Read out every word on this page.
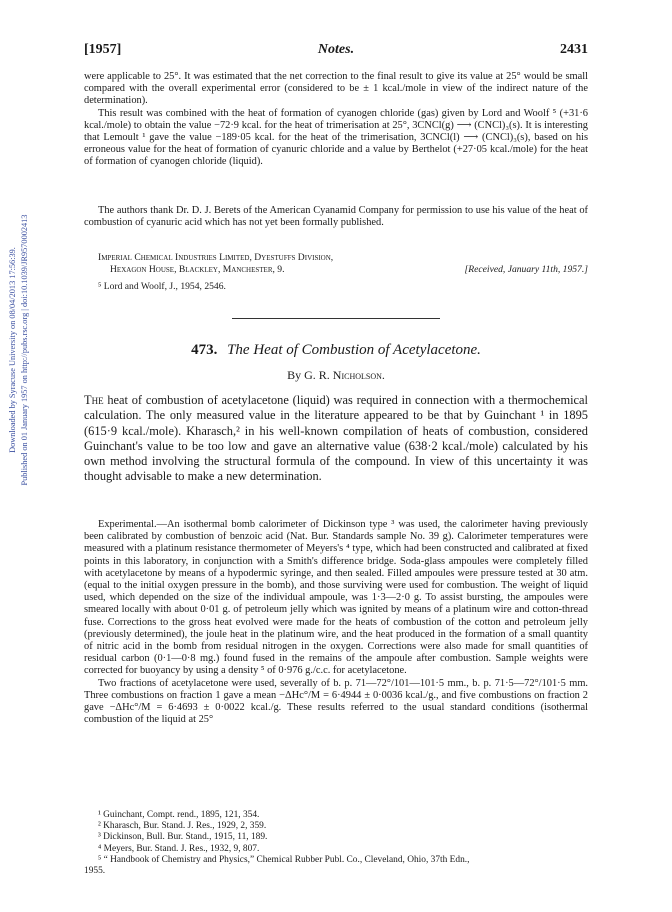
Downloaded by Syracuse University on 08/04/2013 17:56:39. Published on 01 January 1957 on http://pubs.rsc.org | doi:10.1039/JR9570002413
[1957]	Notes.	2431

were applicable to 25°. It was estimated that the net correction to the final result to give its value at 25° would be small compared with the overall experimental error (considered to be ± 1 kcal./mole in view of the indirect nature of the determination).

This result was combined with the heat of formation of cyanogen chloride (gas) given by Lord and Woolf ⁵ (+31·6 kcal./mole) to obtain the value −72·9 kcal. for the heat of trimerisation at 25°, 3CNCl(g) ⟶ (CNCl)₃(s). It is interesting that Lemoult ¹ gave the value −189·05 kcal. for the heat of the trimerisation, 3CNCl(l) ⟶ (CNCl)₃(s), based on his erroneous value for the heat of formation of cyanuric chloride and a value by Berthelot (+27·05 kcal./mole) for the heat of formation of cyanogen chloride (liquid).

The authors thank Dr. D. J. Berets of the American Cyanamid Company for permission to use his value of the heat of combustion of cyanuric acid which has not yet been formally published.

Imperial Chemical Industries Limited, Dyestuffs Division,
Hexagon House, Blackley, Manchester, 9.	[Received, January 11th, 1957.]
⁵ Lord and Woolf, J., 1954, 2546.
473. The Heat of Combustion of Acetylacetone.
By G. R. Nicholson.

The heat of combustion of acetylacetone (liquid) was required in connection with a thermochemical calculation. The only measured value in the literature appeared to be that by Guinchant ¹ in 1895 (615·9 kcal./mole). Kharasch,² in his well-known compilation of heats of combustion, considered Guinchant's value to be too low and gave an alternative value (638·2 kcal./mole) calculated by his own method involving the structural formula of the compound. In view of this uncertainty it was thought advisable to make a new determination.

Experimental.—An isothermal bomb calorimeter of Dickinson type ³ was used, the calorimeter having previously been calibrated by combustion of benzoic acid (Nat. Bur. Standards sample No. 39 g). Calorimeter temperatures were measured with a platinum resistance thermometer of Meyers's ⁴ type, which had been constructed and calibrated at fixed points in this laboratory, in conjunction with a Smith's difference bridge. Soda-glass ampoules were completely filled with acetylacetone by means of a hypodermic syringe, and then sealed. Filled ampoules were pressure tested at 30 atm. (equal to the initial oxygen pressure in the bomb), and those surviving were used for combustion. The weight of liquid used, which depended on the size of the individual ampoule, was 1·3—2·0 g. To assist bursting, the ampoules were smeared locally with about 0·01 g. of petroleum jelly which was ignited by means of a platinum wire and cotton-thread fuse. Corrections to the gross heat evolved were made for the heats of combustion of the cotton and petroleum jelly (previously determined), the joule heat in the platinum wire, and the heat produced in the formation of a small quantity of nitric acid in the bomb from residual nitrogen in the oxygen. Corrections were also made for small quantities of residual carbon (0·1—0·8 mg.) found fused in the remains of the ampoule after combustion. Sample weights were corrected for buoyancy by using a density ⁵ of 0·976 g./c.c. for acetylacetone.

Two fractions of acetylacetone were used, severally of b. p. 71—72°/101—101·5 mm., b. p. 71·5—72°/101·5 mm. Three combustions on fraction 1 gave a mean −ΔHc°/M = 6·4944 ± 0·0036 kcal./g., and five combustions on fraction 2 gave −ΔHc°/M = 6·4693 ± 0·0022 kcal./g. These results referred to the usual standard conditions (isothermal combustion of the liquid at 25°

¹ Guinchant, Compt. rend., 1895, 121, 354.
² Kharasch, Bur. Stand. J. Res., 1929, 2, 359.
³ Dickinson, Bull. Bur. Stand., 1915, 11, 189.
⁴ Meyers, Bur. Stand. J. Res., 1932, 9, 807.
⁵ “ Handbook of Chemistry and Physics,” Chemical Rubber Publ. Co., Cleveland, Ohio, 37th Edn.,
1955.
